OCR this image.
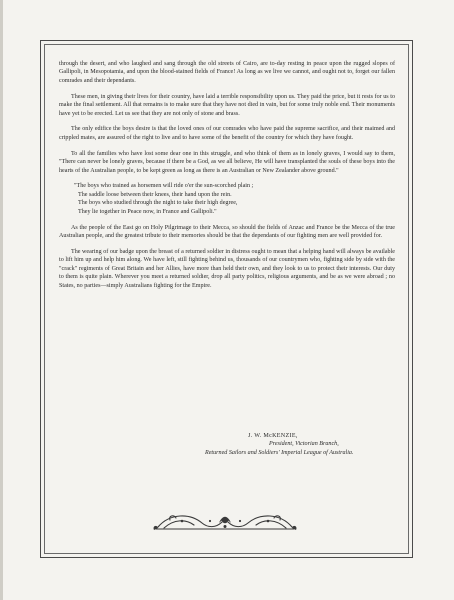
through the desert, and who laughed and sang through the old streets of Cairo, are to-day resting in peace upon the rugged slopes of Gallipoli, in Mesopotamia, and upon the blood-stained fields of France! As long as we live we cannot, and ought not to, forget our fallen comrades and their dependants.

These men, in giving their lives for their country, have laid a terrible responsibility upon us. They paid the price, but it rests for us to make the final settlement. All that remains is to make sure that they have not died in vain, but for some truly noble end. Their monuments have yet to be erected. Let us see that they are not only of stone and brass.

The only edifice the boys desire is that the loved ones of our comrades who have paid the supreme sacrifice, and their maimed and crippled mates, are assured of the right to live and to have some of the benefit of the country for which they have fought.

To all the families who have lost some dear one in this struggle, and who think of them as in lonely graves, I would say to them, "There can never be lonely graves, because if there be a God, as we all believe, He will have transplanted the souls of these boys into the hearts of the Australian people, to be kept green as long as there is an Australian or New Zealander above ground."

"The boys who trained as horsemen will ride o'er the sun-scorched plain ;
The saddle loose between their knees, their hand upon the rein.
The boys who studied through the night to take their high degree,
They lie together in Peace now, in France and Gallipoli."

As the people of the East go on Holy Pilgrimage to their Mecca, so should the fields of Anzac and France be the Mecca of the true Australian people, and the greatest tribute to their memories should be that the dependants of our fighting men are well provided for.

The wearing of our badge upon the breast of a returned soldier in distress ought to mean that a helping hand will always be available to lift him up and help him along. We have left, still fighting behind us, thousands of our countrymen who, fighting side by side with the "crack" regiments of Great Britain and her Allies, have more than held their own, and they look to us to protect their interests. Our duty to them is quite plain. Wherever you meet a returned soldier, drop all party politics, religious arguments, and be as we were abroad ; no States, no parties—simply Australians fighting for the Empire.

J. W. McKENZIE,
President, Victorian Branch,
Returned Sailors and Soldiers' Imperial League of Australia.
